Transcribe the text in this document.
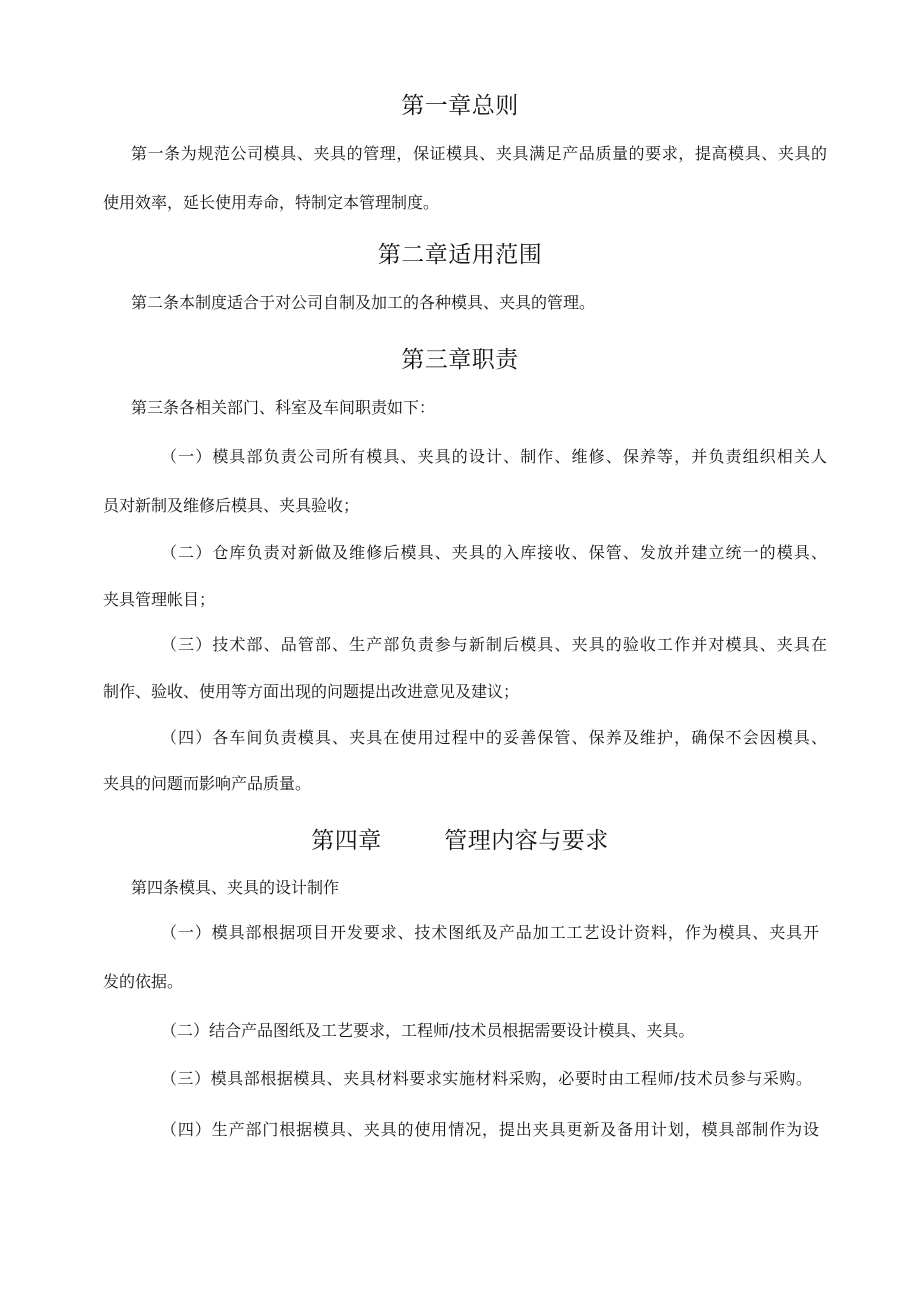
第一章总则
第一条为规范公司模具、夹具的管理，保证模具、夹具满足产品质量的要求，提高模具、夹具的
使用效率，延长使用寿命，特制定本管理制度。
第二章适用范围
第二条本制度适合于对公司自制及加工的各种模具、夹具的管理。
第三章职责
第三条各相关部门、科室及车间职责如下：
（一）模具部负责公司所有模具、夹具的设计、制作、维修、保养等，并负责组织相关人
员对新制及维修后模具、夹具验收；
（二）仓库负责对新做及维修后模具、夹具的入库接收、保管、发放并建立统一的模具、
夹具管理帐目；
（三）技术部、品管部、生产部负责参与新制后模具、夹具的验收工作并对模具、夹具在
制作、验收、使用等方面出现的问题提出改进意见及建议；
（四）各车间负责模具、夹具在使用过程中的妥善保管、保养及维护，确保不会因模具、
夹具的问题而影响产品质量。
第四章        管理内容与要求
第四条模具、夹具的设计制作
（一）模具部根据项目开发要求、技术图纸及产品加工工艺设计资料，作为模具、夹具开
发的依据。
（二）结合产品图纸及工艺要求，工程师/技术员根据需要设计模具、夹具。
（三）模具部根据模具、夹具材料要求实施材料采购，必要时由工程师/技术员参与采购。
（四）生产部门根据模具、夹具的使用情况，提出夹具更新及备用计划，模具部制作为设
